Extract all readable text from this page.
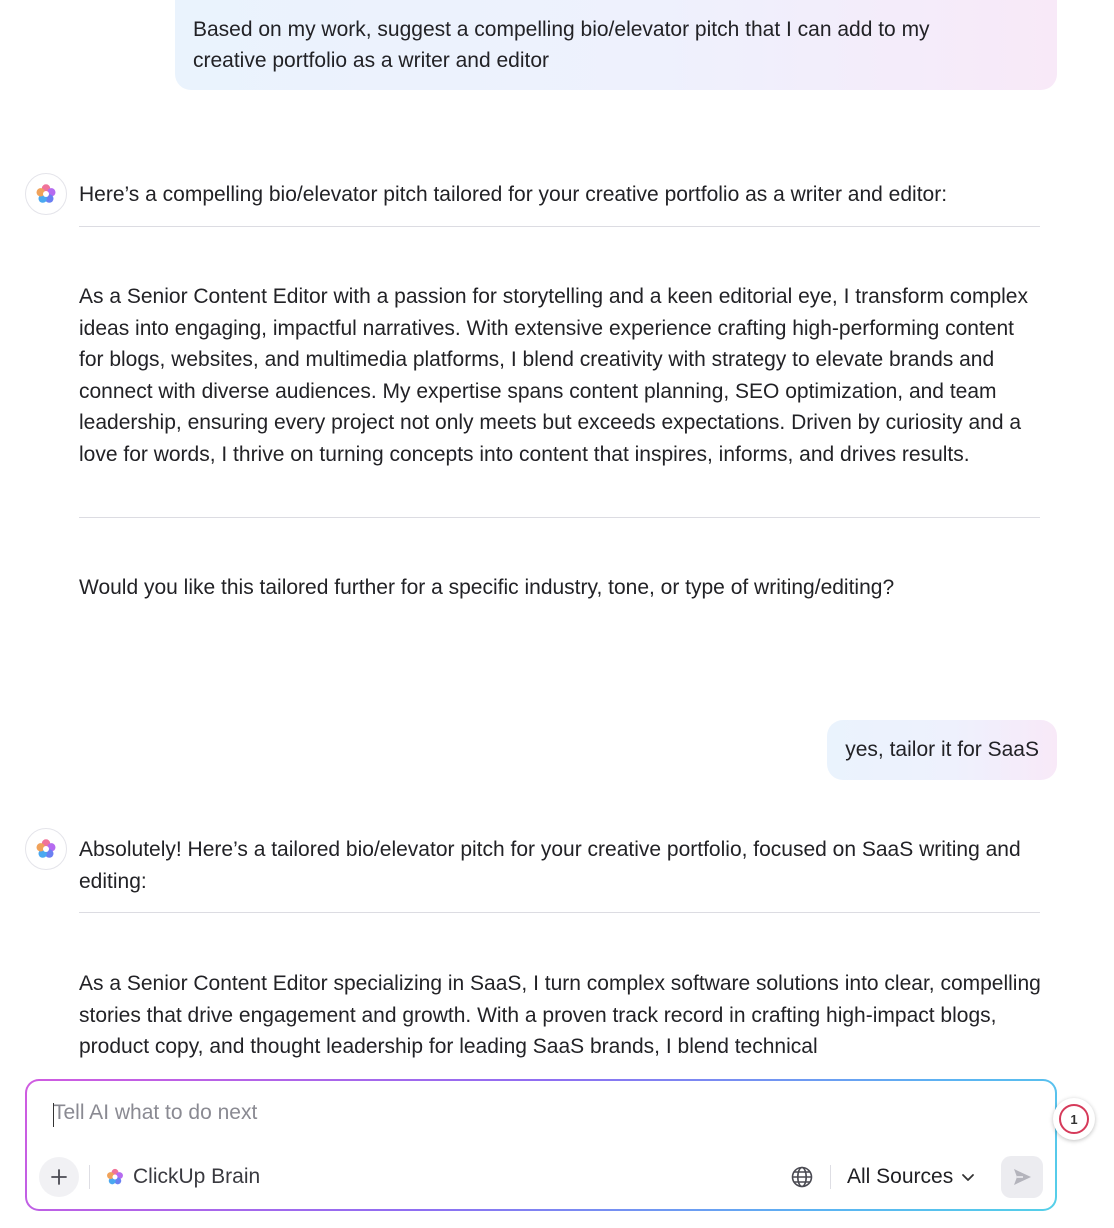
Based on my work, suggest a compelling bio/elevator pitch that I can add to my
creative portfolio as a writer and editor
Here’s a compelling bio/elevator pitch tailored for your creative portfolio as a writer and editor:
As a Senior Content Editor with a passion for storytelling and a keen editorial eye, I transform complex ideas into engaging, impactful narratives. With extensive experience crafting high-performing content for blogs, websites, and multimedia platforms, I blend creativity with strategy to elevate brands and connect with diverse audiences. My expertise spans content planning, SEO optimization, and team leadership, ensuring every project not only meets but exceeds expectations. Driven by curiosity and a love for words, I thrive on turning concepts into content that inspires, informs, and drives results.
Would you like this tailored further for a specific industry, tone, or type of writing/editing?
yes, tailor it for SaaS
Absolutely! Here’s a tailored bio/elevator pitch for your creative portfolio, focused on SaaS writing and editing:
As a Senior Content Editor specializing in SaaS, I turn complex software solutions into clear, compelling stories that drive engagement and growth. With a proven track record in crafting high-impact blogs, product copy, and thought leadership for leading SaaS brands, I blend technical
Tell AI what to do next
ClickUp Brain	All Sources
1
